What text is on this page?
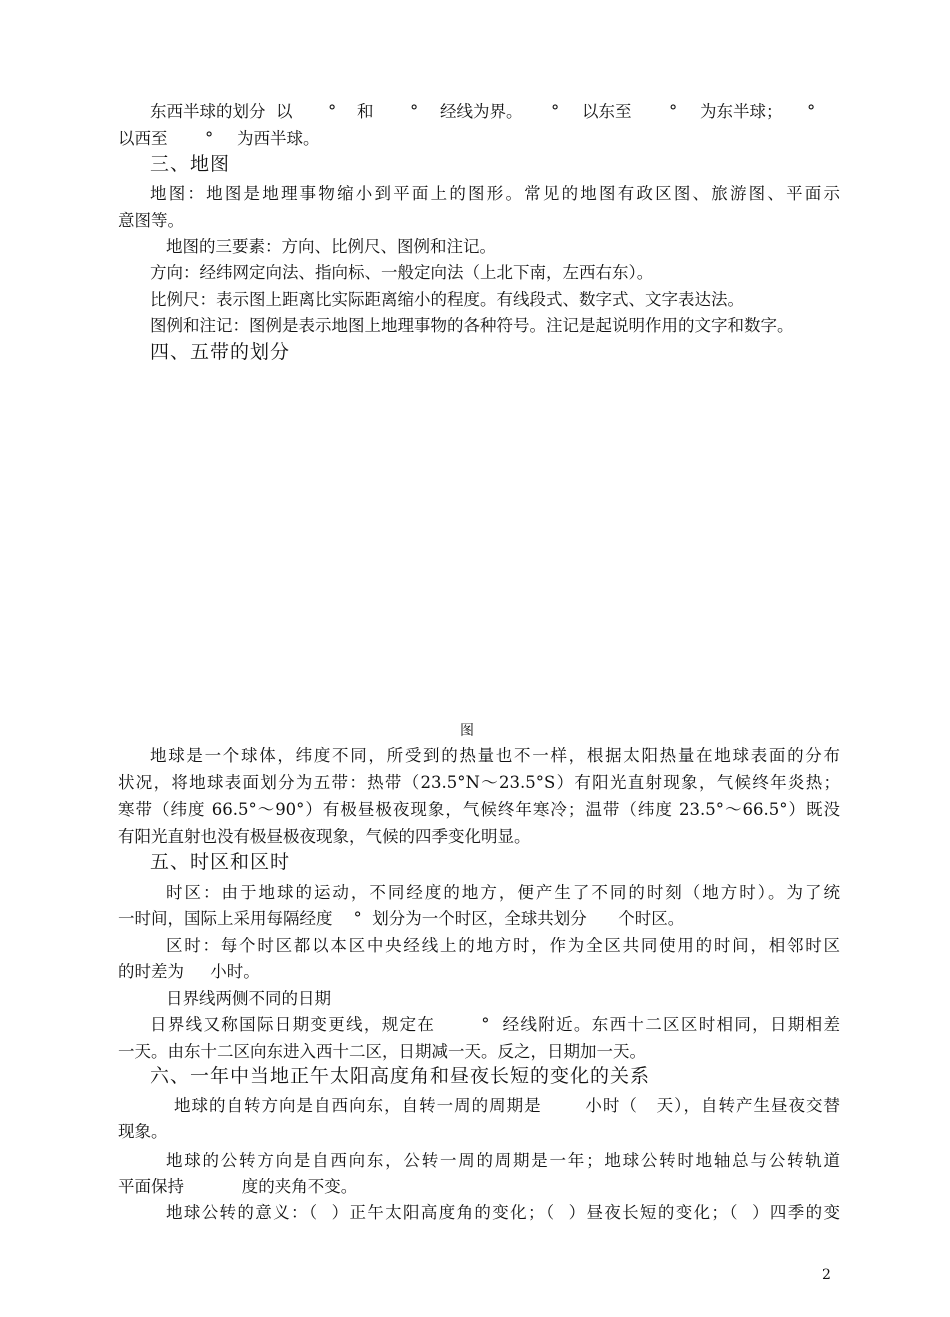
东西半球的划分  以

°

和

°

经线为界。

°

以东至

°

为东半球；

°

以西至

°

为西半球。

三、地图
地图：地图是地理事物缩小到平面上的图形。常见的地图有政区图、旅游图、平面示
意图等。
地图的三要素：方向、比例尺、图例和注记。
方向：经纬网定向法、指向标、一般定向法（上北下南，左西右东）。
比例尺：表示图上距离比实际距离缩小的程度。有线段式、数字式、文字表达法。
图例和注记：图例是表示地图上地理事物的各种符号。注记是起说明作用的文字和数字。
四、五带的划分
图
地球是一个球体，纬度不同，所受到的热量也不一样，根据太阳热量在地球表面的分布
状况，将地球表面划分为五带：热带（23.5°N～23.5°S）有阳光直射现象，气候终年炎热；
寒带（纬度 66.5°～90°）有极昼极夜现象，气候终年寒冷；温带（纬度 23.5°～66.5°）既没
有阳光直射也没有极昼极夜现象，气候的四季变化明显。
五、时区和区时
时区：由于地球的运动，不同经度的地方，便产生了不同的时刻（地方时）。为了统
一时间，国际上采用每隔经度    °  划分为一个时区，全球共划分      个时区。
区时：每个时区都以本区中央经线上的地方时，作为全区共同使用的时间，相邻时区
的时差为     小时。
日界线两侧不同的日期
日界线又称国际日期变更线，规定在       °  经线附近。东西十二区区时相同，日期相差
一天。由东十二区向东进入西十二区，日期减一天。反之，日期加一天。
六、一年中当地正午太阳高度角和昼夜长短的变化的关系
地球的自转方向是自西向东，自转一周的周期是       小时（   天），自转产生昼夜交替
现象。
地球的公转方向是自西向东，公转一周的周期是一年；地球公转时地轴总与公转轨道
平面保持           度的夹角不变。
地球公转的意义：（  ）正午太阳高度角的变化；（  ）昼夜长短的变化；（  ）四季的变
2
